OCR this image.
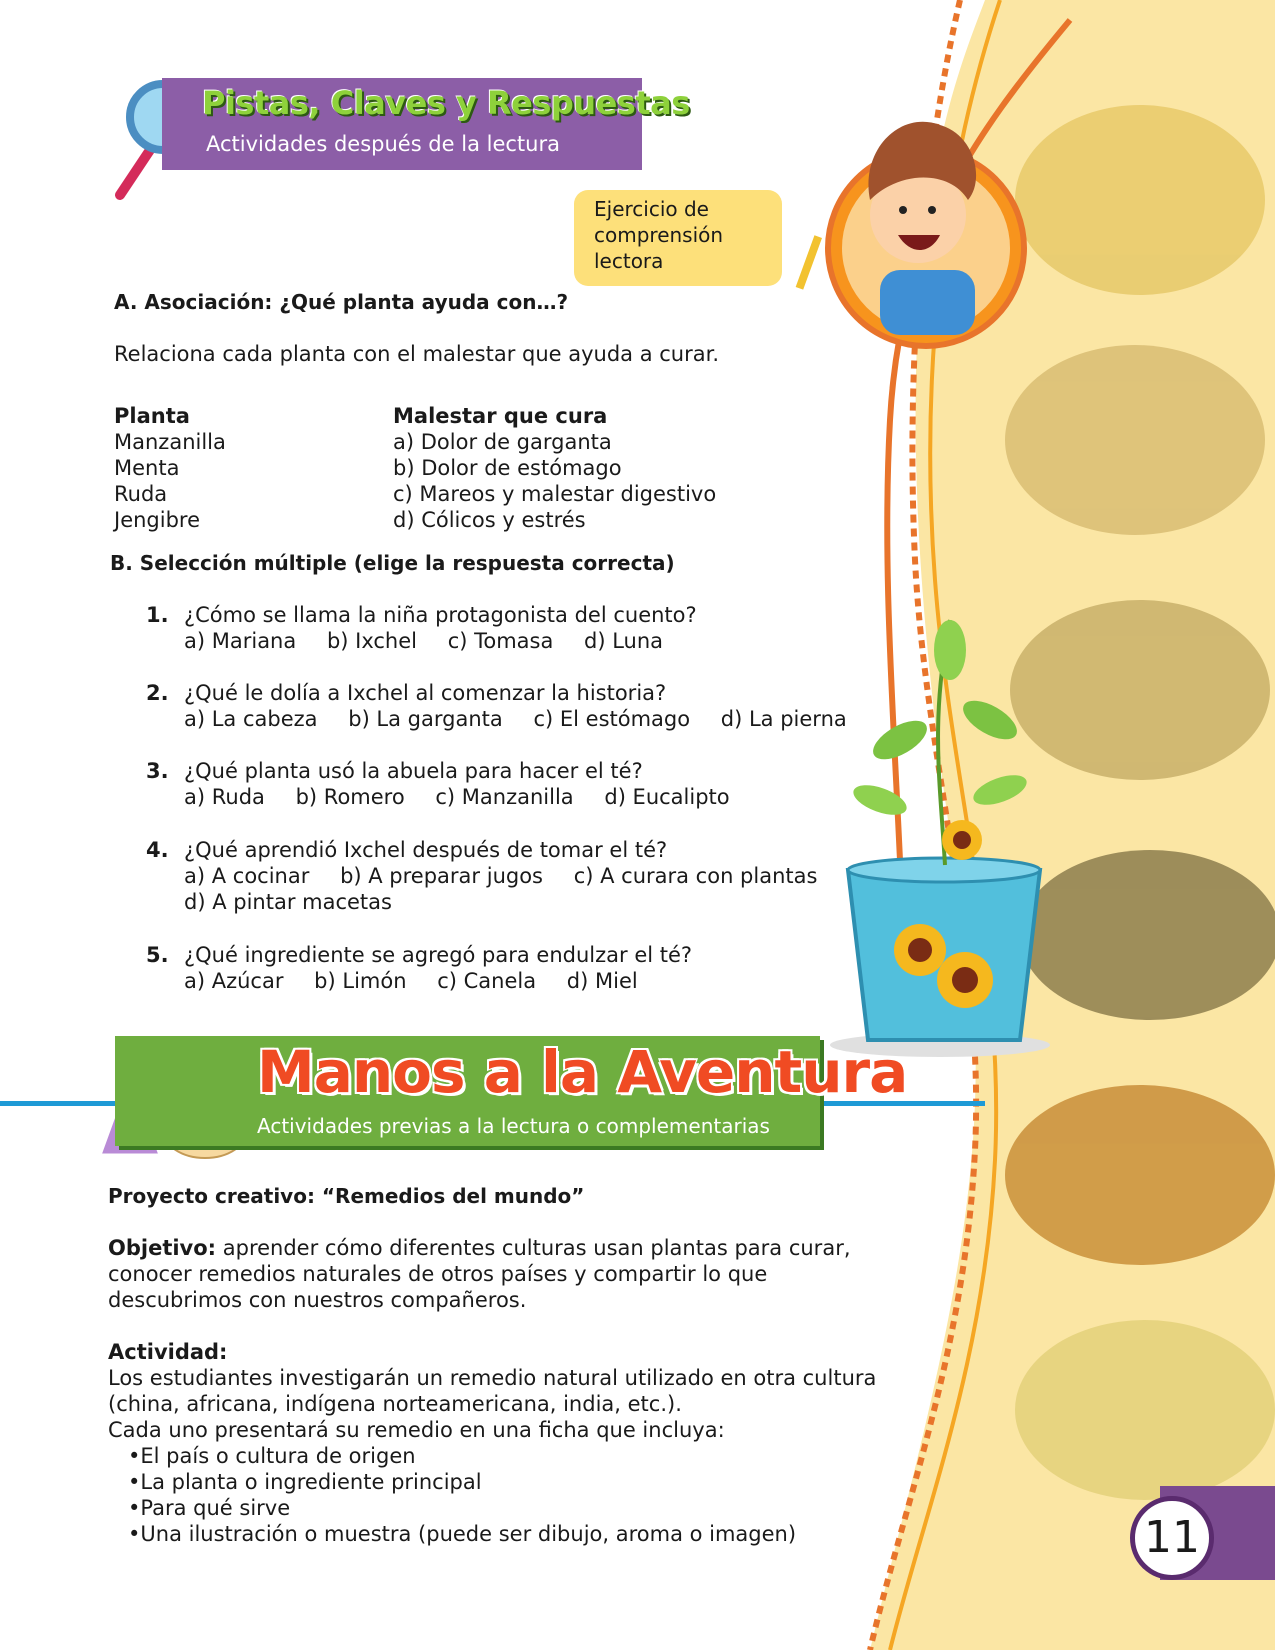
Pistas, Claves y Respuestas
Actividades después de la lectura
Ejercicio de
comprensión
lectora
A. Asociación: ¿Qué planta ayuda con…?
Relaciona cada planta con el malestar que ayuda a curar.
Planta
Manzanilla
Menta
Ruda
Jengibre
Malestar que cura
a) Dolor de garganta
b) Dolor de estómago
c) Mareos y malestar digestivo
d) Cólicos y estrés
B. Selección múltiple (elige la respuesta correcta)
1. ¿Cómo se llama la niña protagonista del cuento?
a) Mariana b) Ixchel c) Tomasa d) Luna
2. ¿Qué le dolía a Ixchel al comenzar la historia?
a) La cabeza b) La garganta c) El estómago d) La pierna
3. ¿Qué planta usó la abuela para hacer el té?
a) Ruda b) Romero c) Manzanilla d) Eucalipto
4. ¿Qué aprendió Ixchel después de tomar el té?
a) A cocinar b) A preparar jugos c) A curara con plantas
d) A pintar macetas
5. ¿Qué ingrediente se agregó para endulzar el té?
a) Azúcar b) Limón c) Canela d) Miel
Manos a la Aventura
Actividades previas a la lectura o complementarias
Proyecto creativo: “Remedios del mundo”
Objetivo: aprender cómo diferentes culturas usan plantas para curar,
conocer remedios naturales de otros países y compartir lo que
descubrimos con nuestros compañeros.
Actividad:
Los estudiantes investigarán un remedio natural utilizado en otra cultura
(china, africana, indígena norteamericana, india, etc.).
Cada uno presentará su remedio en una ficha que incluya:
•El país o cultura de origen
•La planta o ingrediente principal
•Para qué sirve
•Una ilustración o muestra (puede ser dibujo, aroma o imagen)	11
